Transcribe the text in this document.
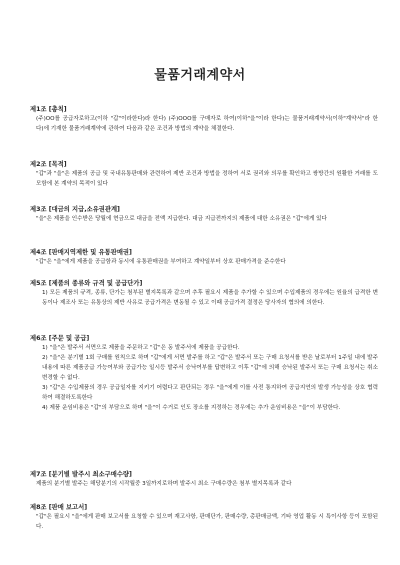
물품거래계약서

제1조 [총칙]

(주)OO를 공급자로하고(이하 "갑"이라한다)라 한다) (주)OOO를 구매자로 하여(이하"을"이라 한다)는 물품거래계약서(이하"계약서"라 한다)에 기재한 물품거래계약에 관하여 다음과 같은 조건과 방법의 계약을 체결한다.

제2조 [목적]

"갑"과 "을"은 제품의 공급 및 국내유통판매와 관련하여 제반 조건과 방법을 정하여 서로 권리와 의무를 확인하고 쌍방간의 원활한 거래를 도모함에 본 계약의 목적이 있다

제3조 [대금의 지급,소유권관계]

"을"은 제품을 인수받은 당월에 현금으로 대금을 전액 지급한다. 대금 지급전까지의 제품에 대한 소유권은 "갑"에게 있다

제4조 [판매지역제한 및 유통판매권]

"갑"은 "을"에게 제품을 공급함과 동시에 유통판매권을 부여하고 계약일부터 상호 판매가격을 준수한다

제5조 [제품의 종류와 규격 및 공급단가]

1) 모든 제품의 규격, 종류, 단가는 첨부된 별지목록과 같으며 추후 필요시 제품을 추가할 수 있으며 수입제품의 경우에는 원율의 급격한 변동이나 제조사 또는 유통상의 제반 사유로 공급가격은 변동될 수 있고 이때 공급가격 결정은 당사자의 협의에 의한다.

제6조 [주문 및 공급]

1) "을"은 발주서 서면으로 제품을 주문하고 "갑"은 동 발주서에 제품을 공급한다.
2) "을"은 분기별 1회 구매를 원칙으로 하며 "갑"에게 서면 발주를 하고 "갑"은 발주서 또는 구매 요청서를 받은 날로부터 1주일 내에 발주내용에 따른 제품공급 가능여부와 공급가능 일시등 발주서 승낙여부를 답변하고 이후 "갑"에 의해 승낙된 발주서 또는 구매 요청서는 취소 변경할 수 없다.
3) "갑"은 수입제품의 경우 공급일자를 지키기 어렵다고 판단되는 경우 "을"에게 이를 사전 통지하여 공급지연의 발생 가능성을 상호 협력하여 해결하도록한다
4) 제품 운임비용은 "갑"의 부담으로 하며 "을"이 수거로 인도 장소를 지정하는 경우에는 추가 운임비용은 "을"이 부담한다.

제7조 [분기별 발주시 최소구매수량]

제품의 분기별 발주는 해당분기의 시작월중 3일까지로하며 발주시 최소 구매수량은 첨부 별지목록과 같다

제8조 [판매 보고서]

"갑"은 필요시 "을"에게 판매 보고서를 요청할 수 있으며 재고사항, 판매단가, 판매수량, 총판매금액, 기타 영업 활동 시 특이사항 등이 포함된다.
